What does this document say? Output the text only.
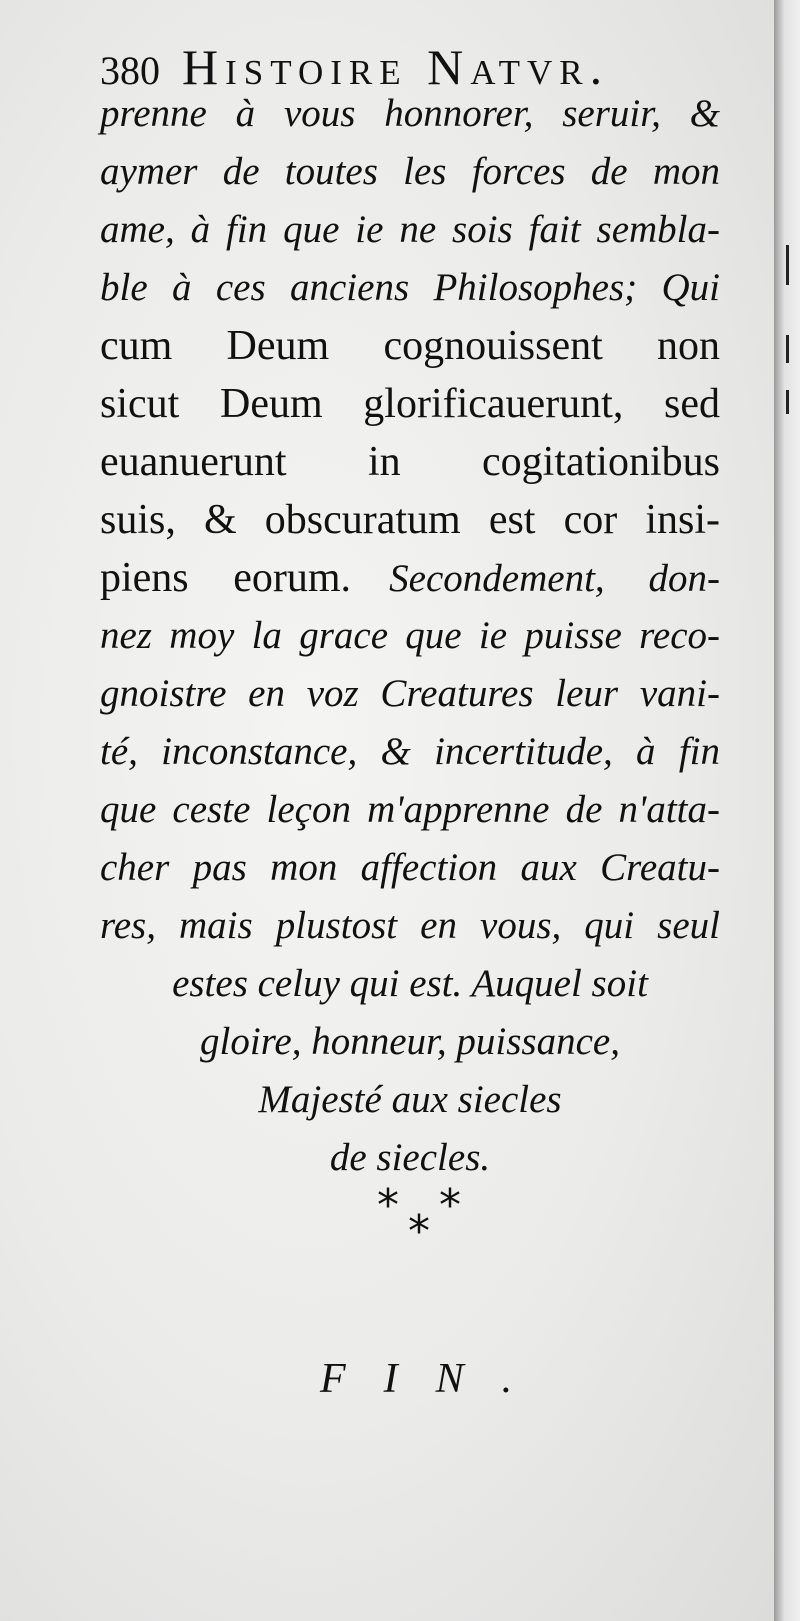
380 Histoire Natvr.
prenne à vous honnorer, seruir, &
aymer de toutes les forces de mon
ame, à fin que ie ne sois fait sembla-
ble à ces anciens Philosophes; Qui
cum Deum cognouissent non
sicut Deum glorificauerunt, sed
euanuerunt in cogitationibus
suis, & obscuratum est cor insi-
piens eorum. Secondement, don-
nez moy la grace que ie puisse reco-
gnoistre en voz Creatures leur vani-
té, inconstance, & incertitude, à fin
que ceste leçon m'apprenne de n'atta-
cher pas mon affection aux Creatu-
res, mais plustost en vous, qui seul
estes celuy qui est. Auquel soit
gloire, honneur, puissance,
Majesté aux siecles
de siecles.
* *
*
FIN.
